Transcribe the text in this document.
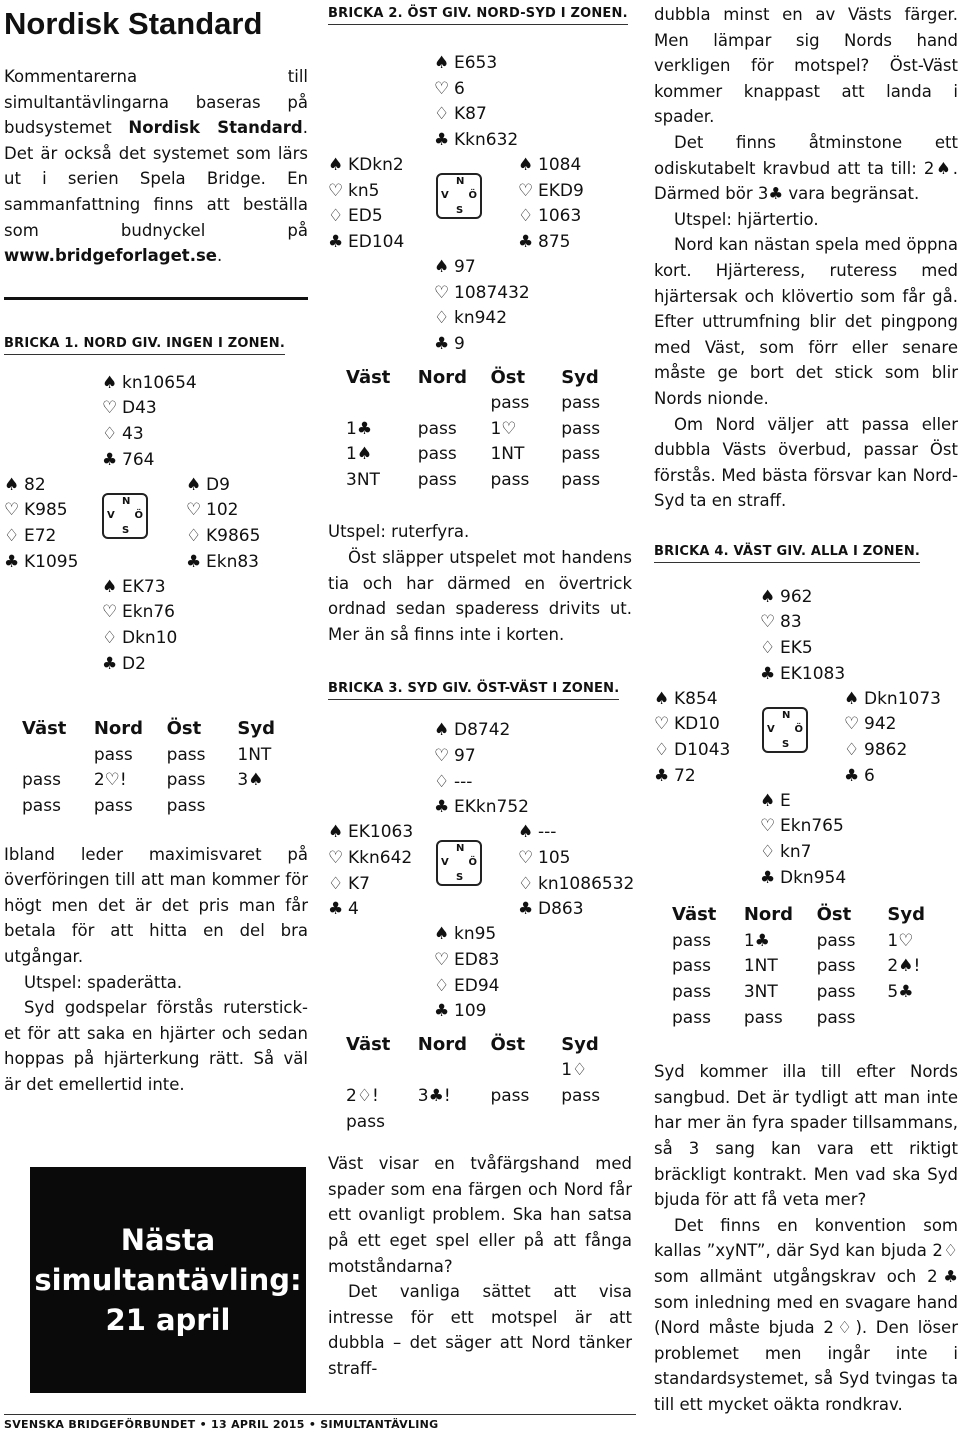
Nordisk Standard

Kommentarerna till simultantävlingarna baseras på budsystemet Nordisk Standard. Det är också det systemet som lärs ut i serien Spela Bridge. En sammanfattning finns att beställa som budnyckel på www.bridgeforlaget.se.

BRICKA 1. NORD GIV. INGEN I ZONEN.
♠ kn10654
♡ D43
♢ 43
♣ 764
♠ 82
♡ K985
♢ E72
♣ K1095
N
V Ö
S
♠ D9
♡ 102
♢ K9865
♣ Ekn83
♠ EK73
♡ Ekn76
♢ Dkn10
♣ D2
Väst	Nord	Öst	Syd
	pass	pass	1NT
pass	2♡!	pass	3♠
pass	pass	pass	

Ibland leder maximisvaret på överföringen till att man kommer för högt men det är det pris man får betala för att hitta en del bra utgångar.

Utspel: spaderätta.

Syd godspelar förstås ruterstick-et för att saka en hjärter och sedan hoppas på hjärterkung rätt. Så väl är det emellertid inte.

Nästa
simultantävling:
21 april
BRICKA 2. ÖST GIV. NORD-SYD I ZONEN.
♠ E653
♡ 6
♢ K87
♣ Kkn632
♠ KDkn2
♡ kn5
♢ ED5
♣ ED104
N
V Ö
S
♠ 1084
♡ EKD9
♢ 1063
♣ 875
♠ 97
♡ 1087432
♢ kn942
♣ 9
Väst	Nord	Öst	Syd
		pass	pass
1♣	pass	1♡	pass
1♠	pass	1NT	pass
3NT	pass	pass	pass

Utspel: ruterfyra.

Öst släpper utspelet mot handens tia och har därmed en övertrick ordnad sedan spaderess drivits ut. Mer än så finns inte i korten.

BRICKA 3. SYD GIV. ÖST-VÄST I ZONEN.
♠ D8742
♡ 97
♢ ---
♣ EKkn752
♠ EK1063
♡ Kkn642
♢ K7
♣ 4
N
V Ö
S
♠ ---
♡ 105
♢ kn1086532
♣ D863
♠ kn95
♡ ED83
♢ ED94
♣ 109
Väst	Nord	Öst	Syd
			1♢
2♢!	3♣!	pass	pass
pass			

Väst visar en tvåfärgshand med spader som ena färgen och Nord får ett ovanligt problem. Ska han satsa på ett eget spel eller på att fånga motståndarna?

Det vanliga sättet att visa intresse för ett motspel är att dubbla – det säger att Nord tänker straff-

dubbla minst en av Västs färger. Men lämpar sig Nords hand verkligen för motspel? Öst-Väst kommer knappast att landa i spader.

Det finns åtminstone ett odiskutabelt kravbud att ta till: 2♠. Därmed bör 3♣ vara begränsat.

Utspel: hjärtertio.

Nord kan nästan spela med öppna kort. Hjärteress, ruteress med hjärtersak och klövertio som får gå. Efter uttrumfning blir det pingpong med Väst, som förr eller senare måste ge bort det stick som blir Nords nionde.

Om Nord väljer att passa eller dubbla Västs överbud, passar Öst förstås. Med bästa försvar kan Nord-Syd ta en straff.

BRICKA 4. VÄST GIV. ALLA I ZONEN.
♠ 962
♡ 83
♢ EK5
♣ EK1083
♠ K854
♡ KD10
♢ D1043
♣ 72
N
V Ö
S
♠ Dkn1073
♡ 942
♢ 9862
♣ 6
♠ E
♡ Ekn765
♢ kn7
♣ Dkn954
Väst	Nord	Öst	Syd
pass	1♣	pass	1♡
pass	1NT	pass	2♠!
pass	3NT	pass	5♣
pass	pass	pass	

Syd kommer illa till efter Nords sangbud. Det är tydligt att man inte har mer än fyra spader tillsammans, så 3 sang kan vara ett riktigt bräckligt kontrakt. Men vad ska Syd bjuda för att få veta mer?

Det finns en konvention som kallas ”xyNT”, där Syd kan bjuda 2♢ som allmänt utgångskrav och 2♣ som inledning med en svagare hand (Nord måste bjuda 2♢). Den löser problemet men ingår inte i standardsystemet, så Syd tvingas ta till ett mycket oäkta rondkrav.

SVENSKA BRIDGEFÖRBUNDET • 13 APRIL 2015 • SIMULTANTÄVLING
